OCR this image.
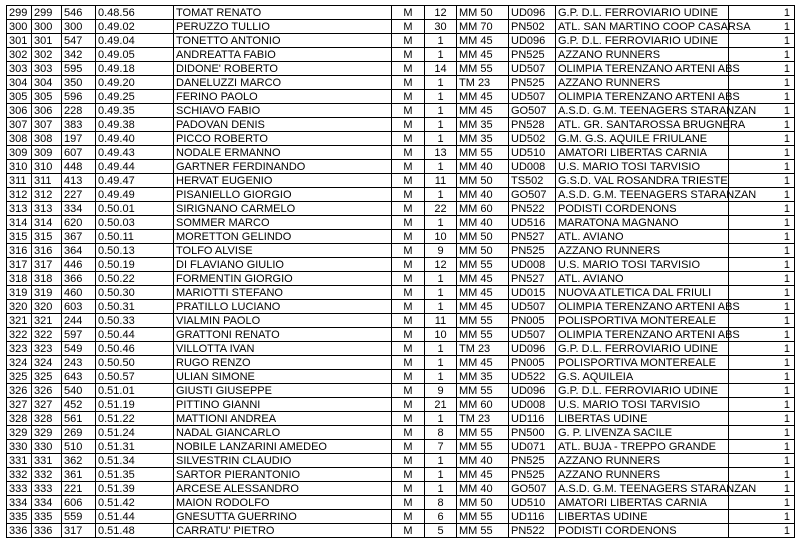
299	299	546	0.48.56	TOMAT RENATO	M	12	MM 50	UD096	G.P. D.L. FERROVIARIO UDINE	1
300	300	300	0.49.02	PERUZZO TULLIO	M	30	MM 70	PN502	ATL. SAN MARTINO COOP CASARSA	1
301	301	547	0.49.04	TONETTO ANTONIO	M	1	MM 45	UD096	G.P. D.L. FERROVIARIO UDINE	1
302	302	342	0.49.05	ANDREATTA FABIO	M	1	MM 45	PN525	AZZANO RUNNERS	1
303	303	595	0.49.18	DIDONE' ROBERTO	M	14	MM 55	UD507	OLIMPIA TERENZANO ARTENI ABS	1
304	304	350	0.49.20	DANELUZZI MARCO	M	1	TM 23	PN525	AZZANO RUNNERS	1
305	305	596	0.49.25	FERINO PAOLO	M	1	MM 45	UD507	OLIMPIA TERENZANO ARTENI ABS	1
306	306	228	0.49.35	SCHIAVO FABIO	M	1	MM 45	GO507	A.S.D. G.M. TEENAGERS STARANZAN	1
307	307	383	0.49.38	PADOVAN DENIS	M	1	MM 35	PN528	ATL. GR. SANTAROSSA BRUGNERA	1
308	308	197	0.49.40	PICCO ROBERTO	M	1	MM 35	UD502	G.M. G.S. AQUILE FRIULANE	1
309	309	607	0.49.43	NODALE ERMANNO	M	13	MM 55	UD510	AMATORI LIBERTAS CARNIA	1
310	310	448	0.49.44	GARTNER FERDINANDO	M	1	MM 40	UD008	U.S. MARIO TOSI TARVISIO	1
311	311	413	0.49.47	HERVAT EUGENIO	M	11	MM 50	TS502	G.S.D. VAL ROSANDRA TRIESTE	1
312	312	227	0.49.49	PISANIELLO GIORGIO	M	1	MM 40	GO507	A.S.D. G.M. TEENAGERS STARANZAN	1
313	313	334	0.50.01	SIRIGNANO CARMELO	M	22	MM 60	PN522	PODISTI CORDENONS	1
314	314	620	0.50.03	SOMMER MARCO	M	1	MM 40	UD516	MARATONA MAGNANO	1
315	315	367	0.50.11	MORETTON GELINDO	M	10	MM 50	PN527	ATL. AVIANO	1
316	316	364	0.50.13	TOLFO ALVISE	M	9	MM 50	PN525	AZZANO RUNNERS	1
317	317	446	0.50.19	DI FLAVIANO GIULIO	M	12	MM 55	UD008	U.S. MARIO TOSI TARVISIO	1
318	318	366	0.50.22	FORMENTIN GIORGIO	M	1	MM 45	PN527	ATL. AVIANO	1
319	319	460	0.50.30	MARIOTTI STEFANO	M	1	MM 45	UD015	NUOVA ATLETICA DAL FRIULI	1
320	320	603	0.50.31	PRATILLO LUCIANO	M	1	MM 45	UD507	OLIMPIA TERENZANO ARTENI ABS	1
321	321	244	0.50.33	VIALMIN PAOLO	M	11	MM 55	PN005	POLISPORTIVA MONTEREALE	1
322	322	597	0.50.44	GRATTONI RENATO	M	10	MM 55	UD507	OLIMPIA TERENZANO ARTENI ABS	1
323	323	549	0.50.46	VILLOTTA IVAN	M	1	TM 23	UD096	G.P. D.L. FERROVIARIO UDINE	1
324	324	243	0.50.50	RUGO RENZO	M	1	MM 45	PN005	POLISPORTIVA MONTEREALE	1
325	325	643	0.50.57	ULIAN SIMONE	M	1	MM 35	UD522	G.S. AQUILEIA	1
326	326	540	0.51.01	GIUSTI GIUSEPPE	M	9	MM 55	UD096	G.P. D.L. FERROVIARIO UDINE	1
327	327	452	0.51.19	PITTINO GIANNI	M	21	MM 60	UD008	U.S. MARIO TOSI TARVISIO	1
328	328	561	0.51.22	MATTIONI ANDREA	M	1	TM 23	UD116	LIBERTAS UDINE	1
329	329	269	0.51.24	NADAL GIANCARLO	M	8	MM 55	PN500	G. P. LIVENZA SACILE	1
330	330	510	0.51.31	NOBILE LANZARINI AMEDEO	M	7	MM 55	UD071	ATL. BUJA - TREPPO GRANDE	1
331	331	362	0.51.34	SILVESTRIN CLAUDIO	M	1	MM 40	PN525	AZZANO RUNNERS	1
332	332	361	0.51.35	SARTOR PIERANTONIO	M	1	MM 45	PN525	AZZANO RUNNERS	1
333	333	221	0.51.39	ARCESE ALESSANDRO	M	1	MM 40	GO507	A.S.D. G.M. TEENAGERS STARANZAN	1
334	334	606	0.51.42	MAION RODOLFO	M	8	MM 50	UD510	AMATORI LIBERTAS CARNIA	1
335	335	559	0.51.44	GNESUTTA GUERRINO	M	6	MM 55	UD116	LIBERTAS UDINE	1
336	336	317	0.51.48	CARRATU' PIETRO	M	5	MM 55	PN522	PODISTI CORDENONS	1
